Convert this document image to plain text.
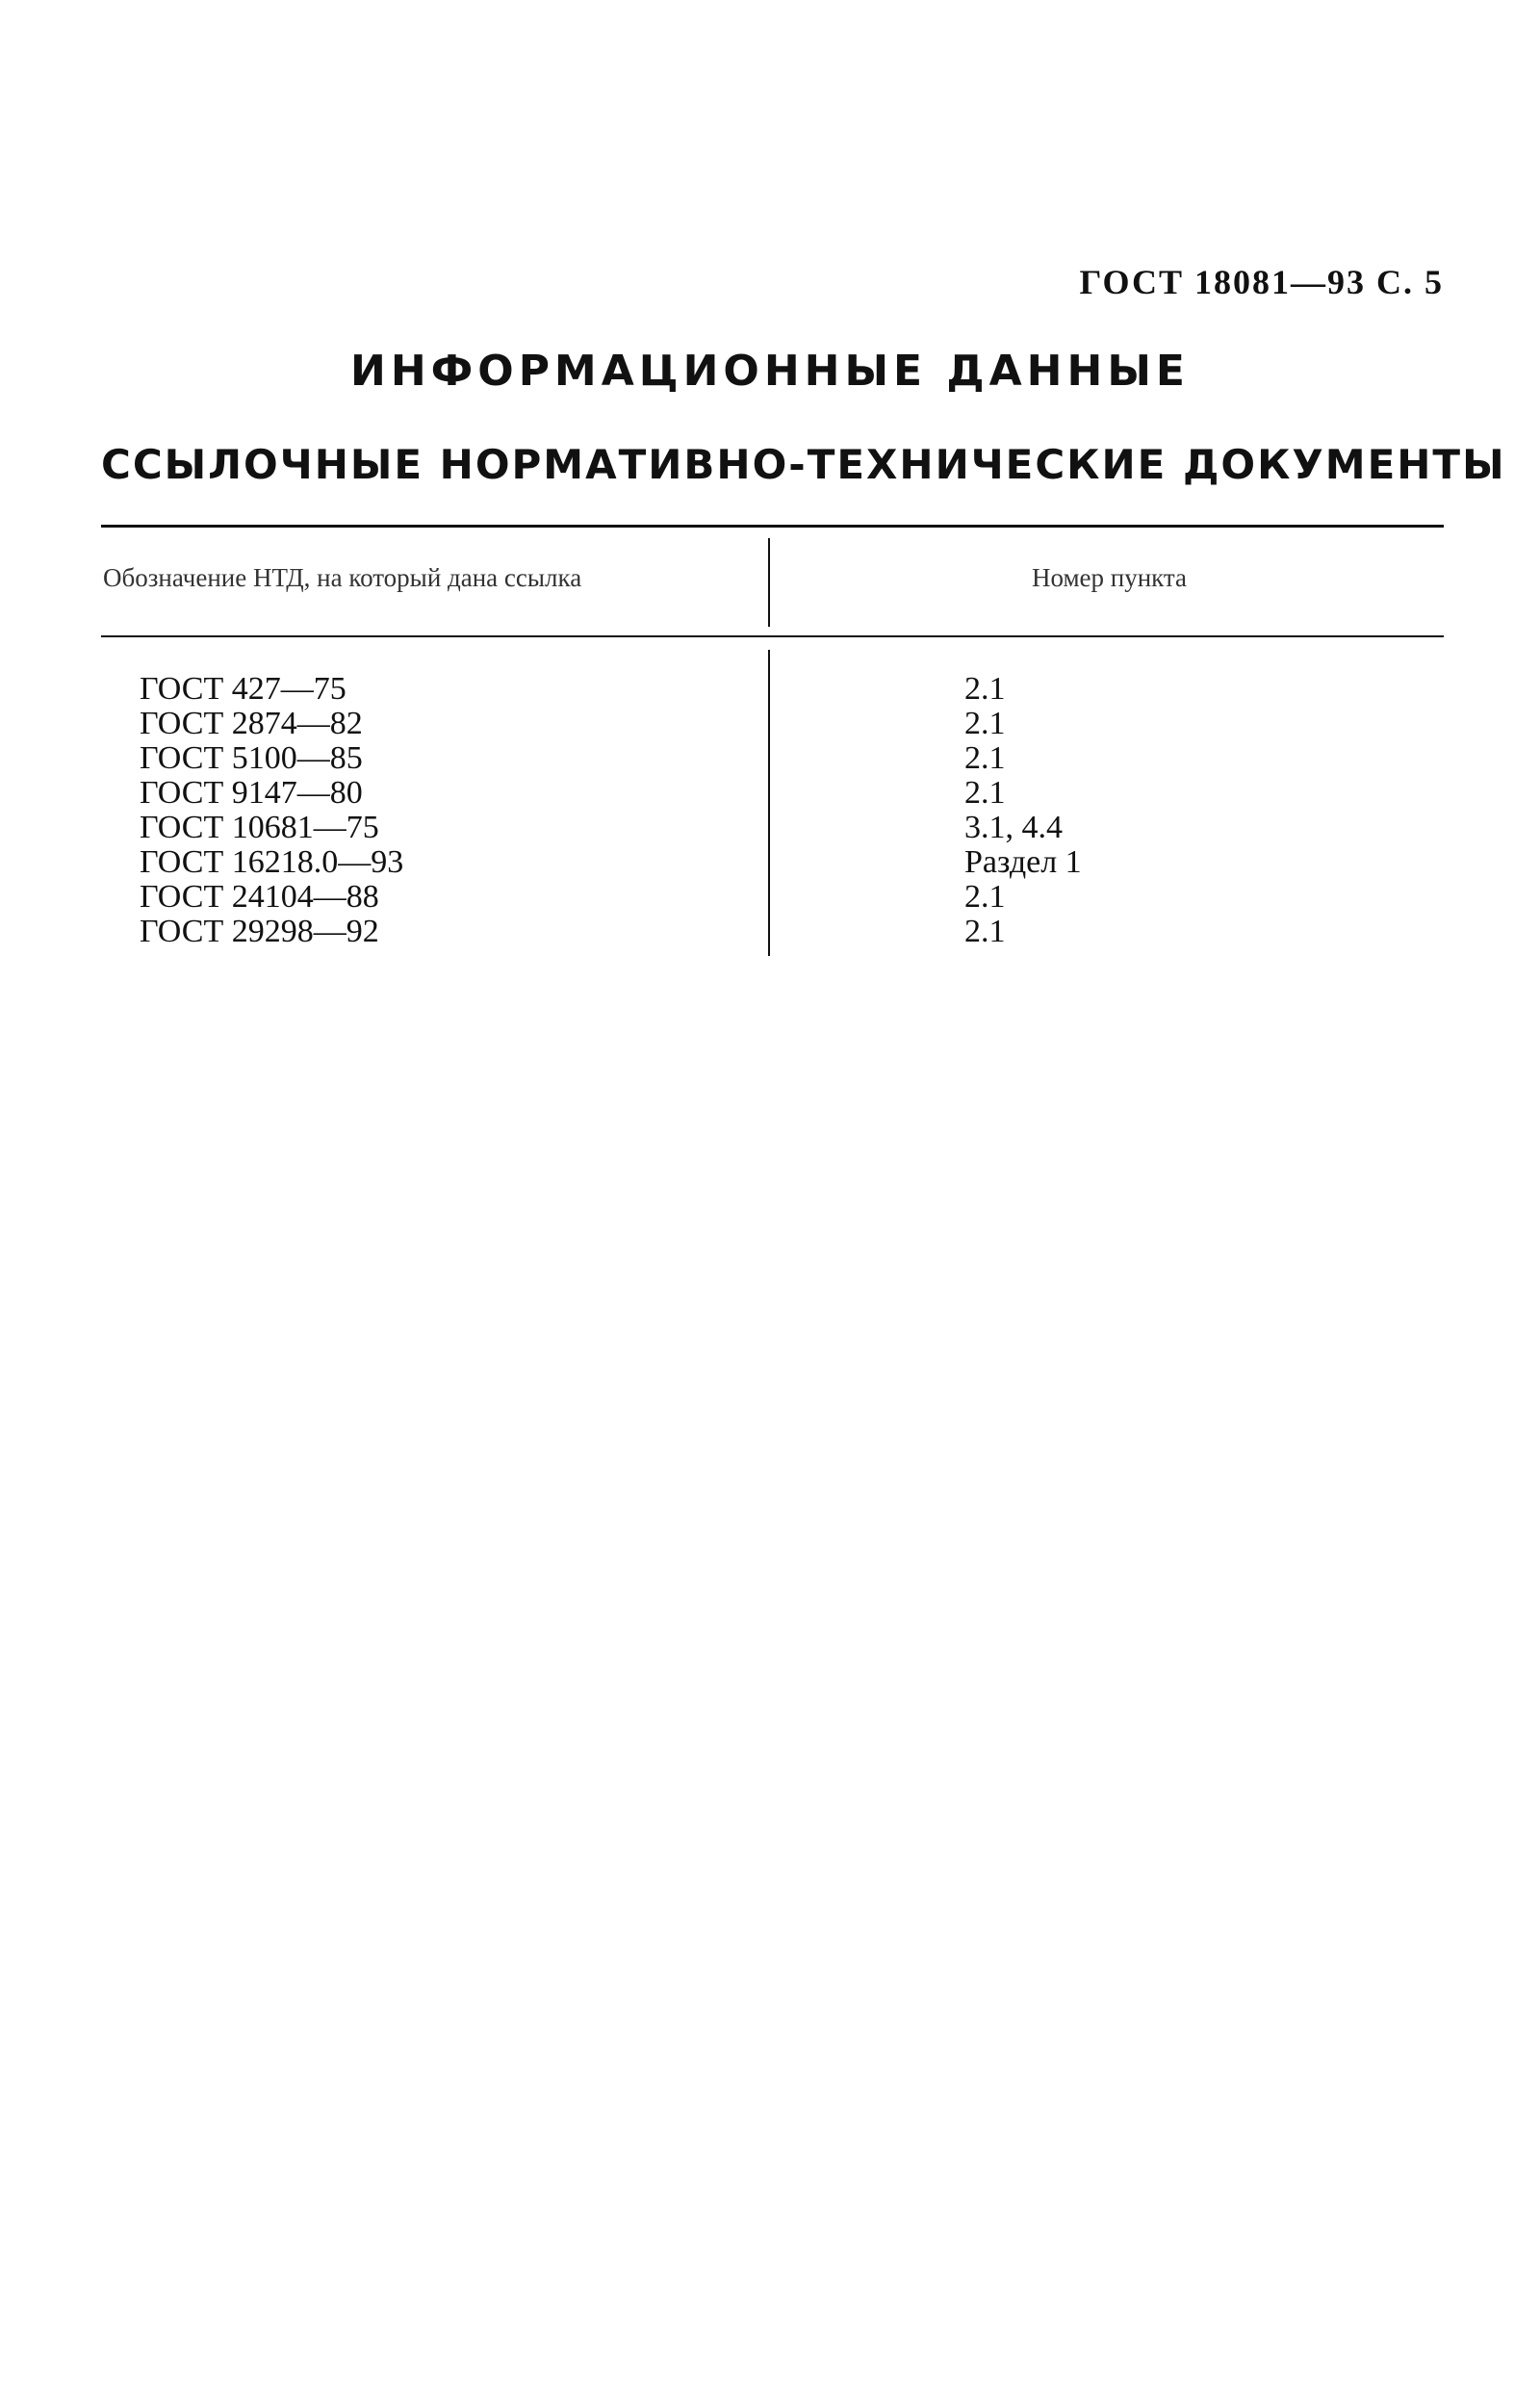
ГОСТ 18081—93 С. 5
ИНФОРМАЦИОННЫЕ ДАННЫЕ
ССЫЛОЧНЫЕ НОРМАТИВНО-ТЕХНИЧЕСКИЕ ДОКУМЕНТЫ
Обозначение НТД, на который дана ссылка	Номер пункта
ГОСТ 427—75	2.1
ГОСТ 2874—82	2.1
ГОСТ 5100—85	2.1
ГОСТ 9147—80	2.1
ГОСТ 10681—75	3.1, 4.4
ГОСТ 16218.0—93	Раздел 1
ГОСТ 24104—88	2.1
ГОСТ 29298—92	2.1
